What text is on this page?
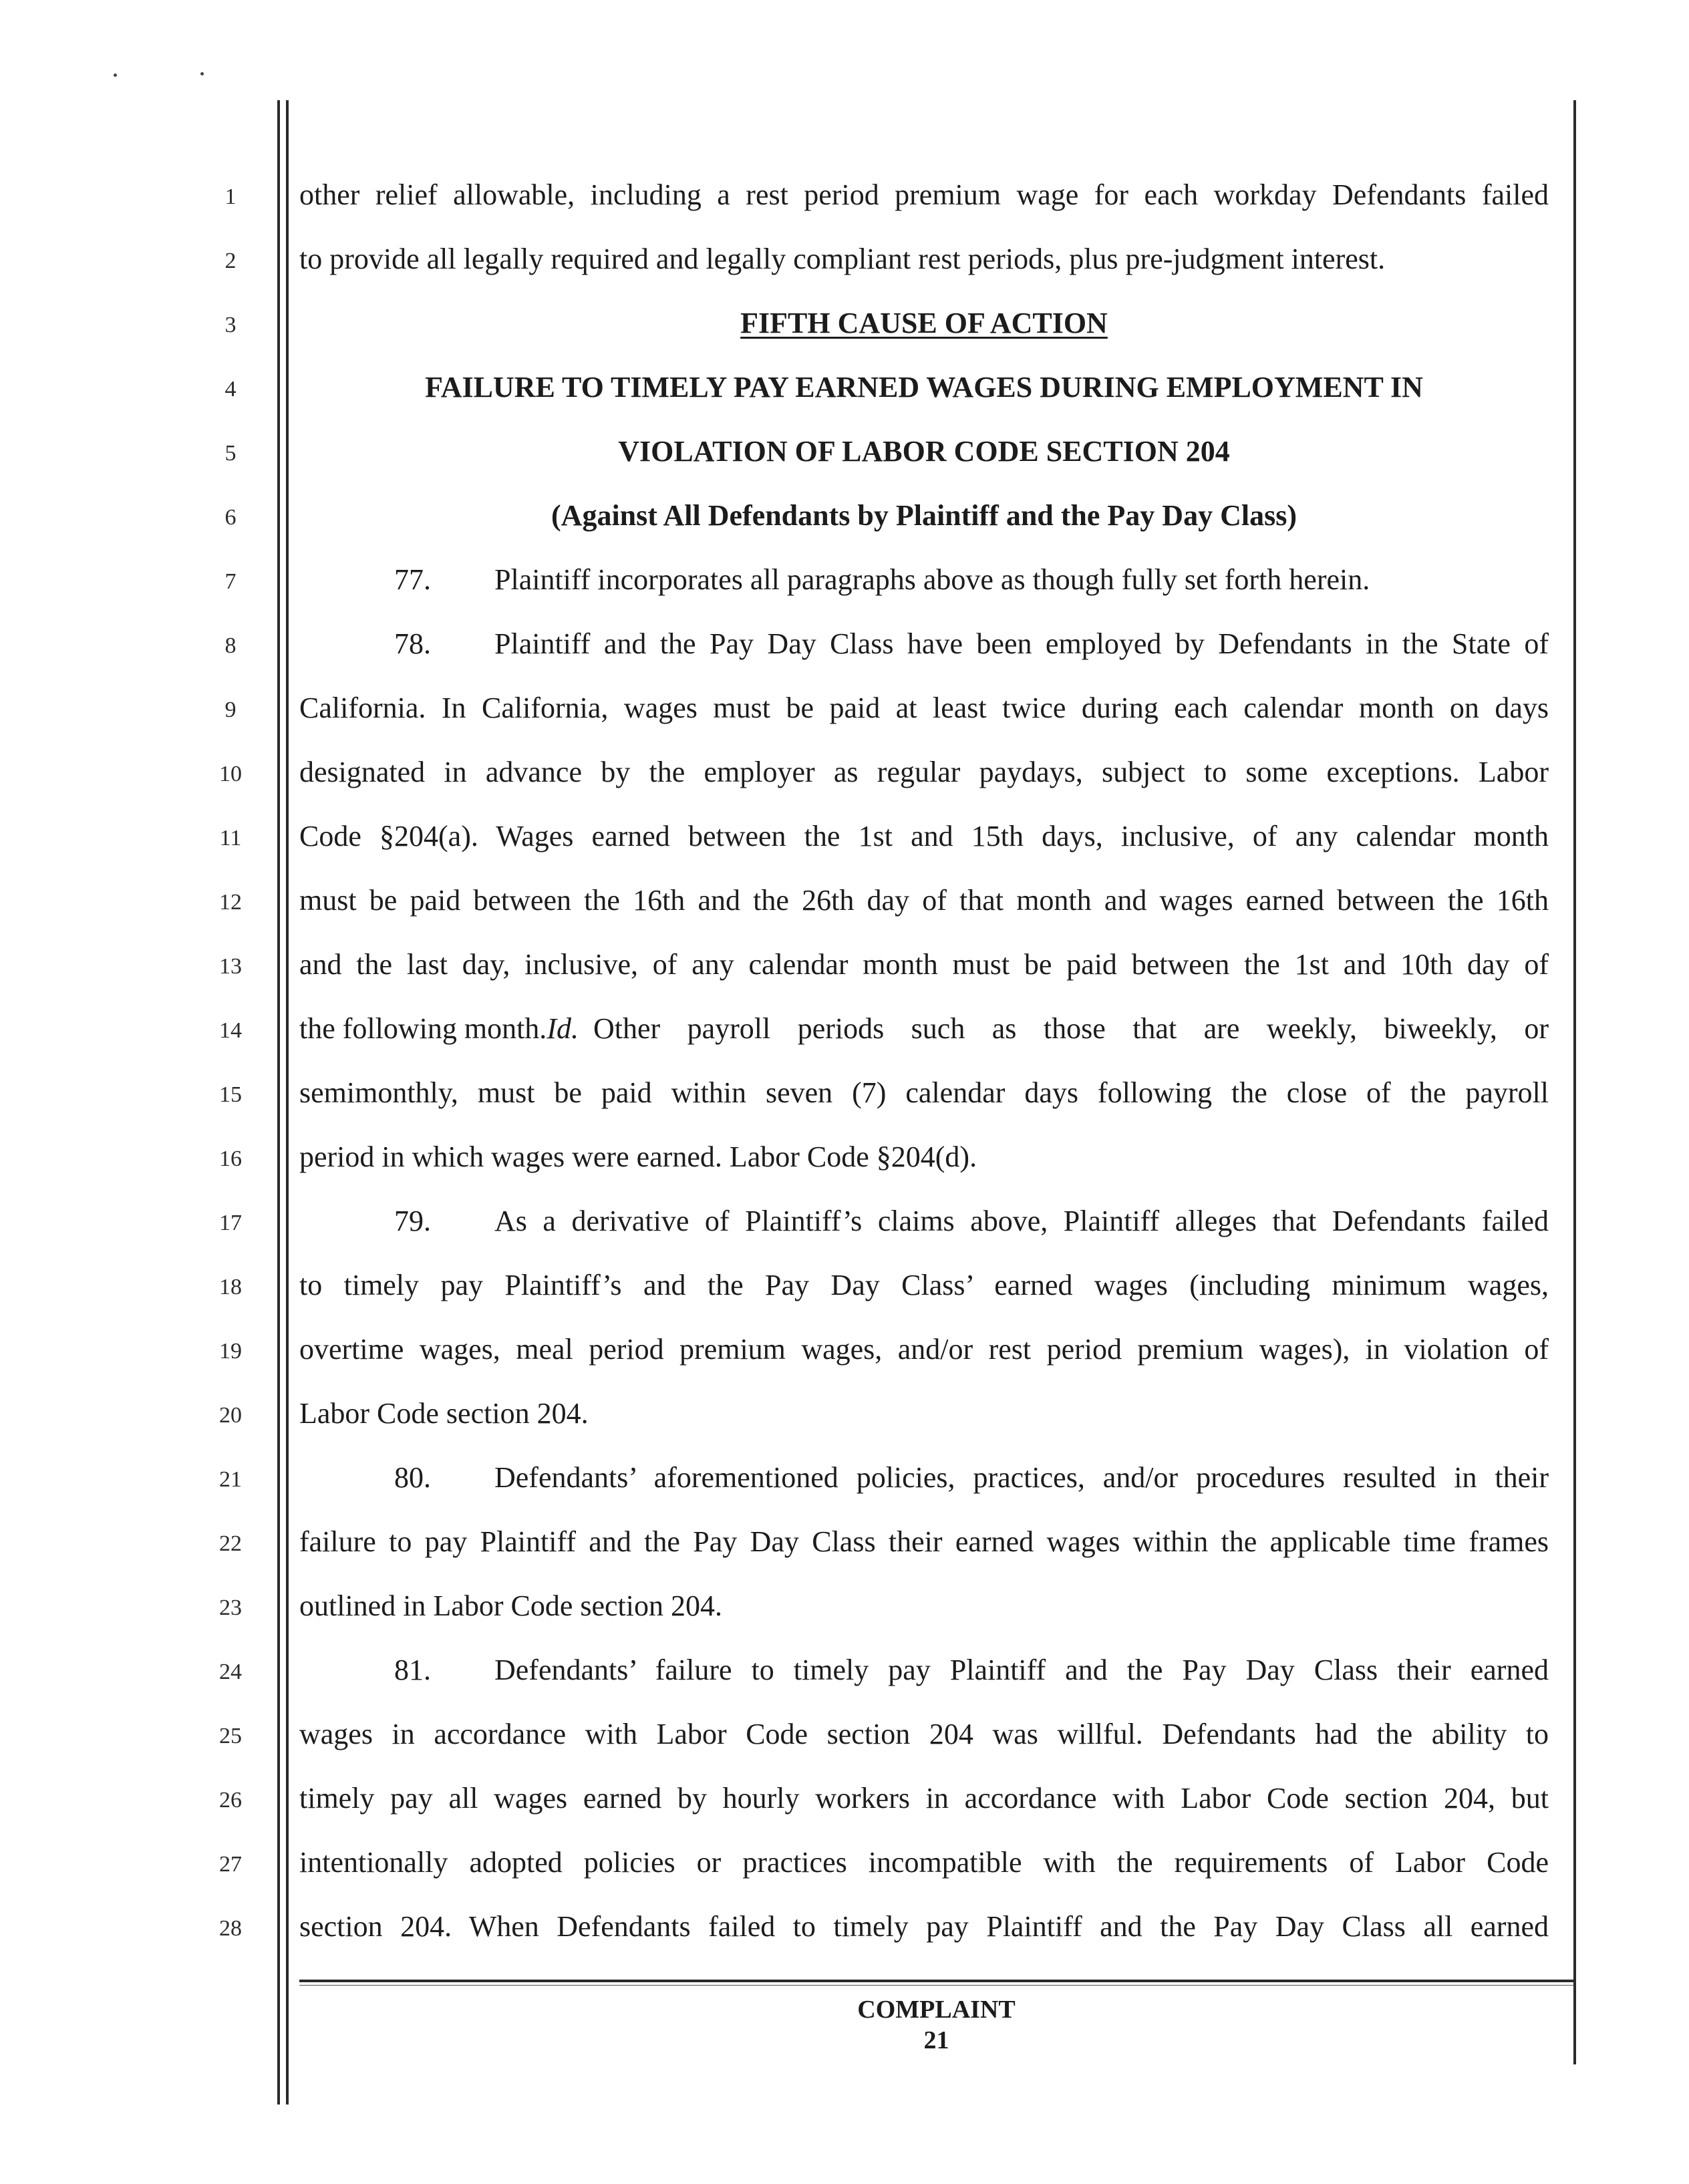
1
2
3
4
5
6
7
8
9
10
11
12
13
14
15
16
17
18
19
20
21
22
23
24
25
26
27
28
other relief allowable, including a rest period premium wage for each workday Defendants failed
to provide all legally required and legally compliant rest periods, plus pre-judgment interest.
FIFTH CAUSE OF ACTION
FAILURE TO TIMELY PAY EARNED WAGES DURING EMPLOYMENT IN
VIOLATION OF LABOR CODE SECTION 204
(Against All Defendants by Plaintiff and the Pay Day Class)
77. Plaintiff incorporates all paragraphs above as though fully set forth herein.
78.	Plaintiff and the Pay Day Class have been employed by Defendants in the State of
California. In California, wages must be paid at least twice during each calendar month on days
designated in advance by the employer as regular paydays, subject to some exceptions. Labor
Code §204(a). Wages earned between the 1st and 15th days, inclusive, of any calendar month
must be paid between the 16th and the 26th day of that month and wages earned between the 16th
and the last day, inclusive, of any calendar month must be paid between the 1st and 10th day of
the following month. Id. Other payroll periods such as those that are weekly, biweekly, or
semimonthly, must be paid within seven (7) calendar days following the close of the payroll
period in which wages were earned. Labor Code §204(d).
79.	As a derivative of Plaintiff’s claims above, Plaintiff alleges that Defendants failed
to timely pay Plaintiff’s and the Pay Day Class’ earned wages (including minimum wages,
overtime wages, meal period premium wages, and/or rest period premium wages), in violation of
Labor Code section 204.
80.	Defendants’ aforementioned policies, practices, and/or procedures resulted in their
failure to pay Plaintiff and the Pay Day Class their earned wages within the applicable time frames
outlined in Labor Code section 204.
81.	Defendants’ failure to timely pay Plaintiff and the Pay Day Class their earned
wages in accordance with Labor Code section 204 was willful. Defendants had the ability to
timely pay all wages earned by hourly workers in accordance with Labor Code section 204, but
intentionally adopted policies or practices incompatible with the requirements of Labor Code
section 204. When Defendants failed to timely pay Plaintiff and the Pay Day Class all earned
COMPLAINT
21
